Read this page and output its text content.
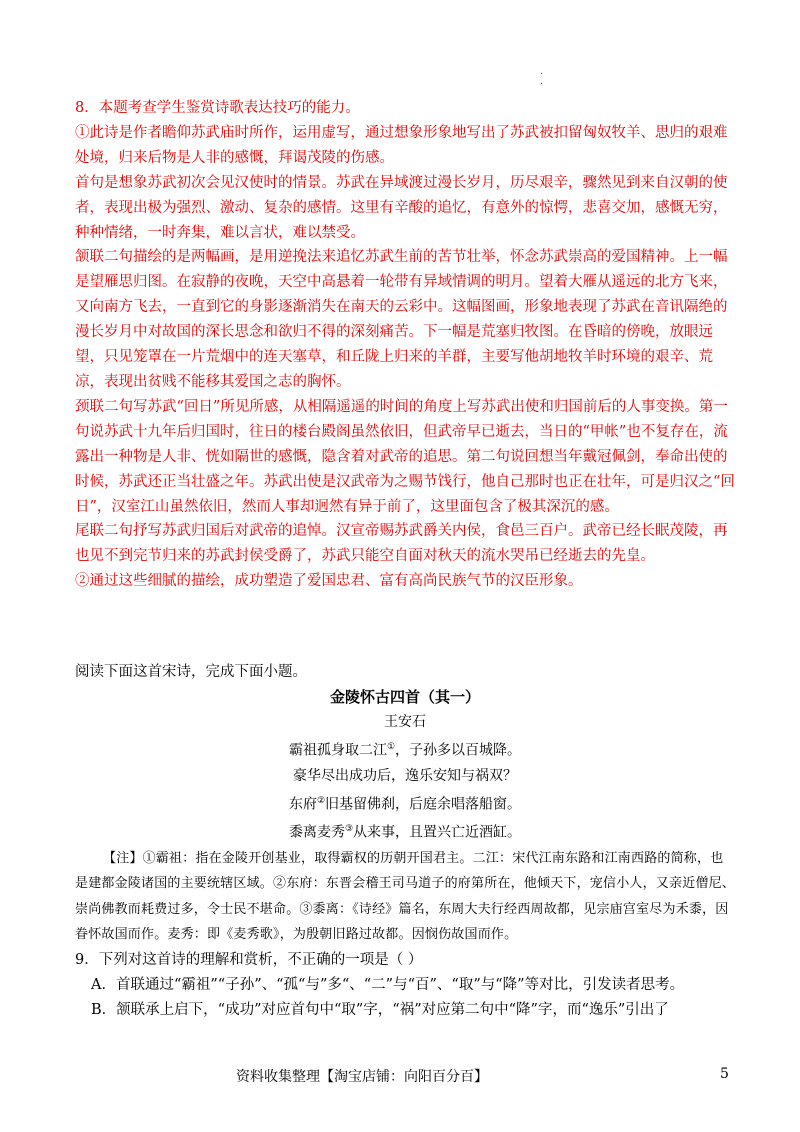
·
·

8．本题考查学生鉴赏诗歌表达技巧的能力。

①此诗是作者瞻仰苏武庙时所作，运用虚写，通过想象形象地写出了苏武被扣留匈奴牧羊、思归的艰难处境，归来后物是人非的感慨，拜谒茂陵的伤感。

首句是想象苏武初次会见汉使时的情景。苏武在异域渡过漫长岁月，历尽艰辛，骤然见到来自汉朝的使者，表现出极为强烈、激动、复杂的感情。这里有辛酸的追忆，有意外的惊愕，悲喜交加，感慨无穷，种种情绪，一时奔集，难以言状，难以禁受。

颔联二句描绘的是两幅画，是用逆挽法来追忆苏武生前的苦节壮举，怀念苏武崇高的爱国精神。上一幅是望雁思归图。在寂静的夜晚，天空中高悬着一轮带有异域情调的明月。望着大雁从遥远的北方飞来，又向南方飞去，一直到它的身影逐渐消失在南天的云彩中。这幅图画，形象地表现了苏武在音讯隔绝的漫长岁月中对故国的深长思念和欲归不得的深刻痛苦。下一幅是荒塞归牧图。在昏暗的傍晚，放眼远望，只见笼罩在一片荒烟中的连天塞草，和丘陇上归来的羊群，主要写他胡地牧羊时环境的艰辛、荒凉，表现出贫贱不能移其爱国之志的胸怀。

颈联二句写苏武“回日”所见所感，从相隔遥遥的时间的角度上写苏武出使和归国前后的人事变换。第一句说苏武十九年后归国时，往日的楼台殿阁虽然依旧，但武帝早已逝去，当日的“甲帐”也不复存在，流露出一种物是人非、恍如隔世的感慨，隐含着对武帝的追思。第二句说回想当年戴冠佩剑，奉命出使的时候，苏武还正当壮盛之年。苏武出使是汉武帝为之赐节饯行，他自己那时也正在壮年，可是归汉之“回日”，汉室江山虽然依旧，然而人事却迥然有异于前了，这里面包含了极其深沉的感。

尾联二句抒写苏武归国后对武帝的追悼。汉宣帝赐苏武爵关内侯，食邑三百户。武帝已经长眠茂陵，再也见不到完节归来的苏武封侯受爵了，苏武只能空自面对秋天的流水哭吊已经逝去的先皇。

②通过这些细腻的描绘，成功塑造了爱国忠君、富有高尚民族气节的汉臣形象。

阅读下面这首宋诗，完成下面小题。

金陵怀古四首（其一）

王安石

霸祖孤身取二江①，子孙多以百城降。

豪华尽出成功后，逸乐安知与祸双？

东府②旧基留佛刹，后庭余唱落船窗。

黍离麦秀③从来事，且置兴亡近酒缸。

【注】①霸祖：指在金陵开创基业，取得霸权的历朝开国君主。二江：宋代江南东路和江南西路的简称，也是建都金陵诸国的主要统辖区域。②东府：东晋会稽王司马道子的府第所在，他倾天下，宠信小人，又亲近僧尼、崇尚佛教而耗费过多，令士民不堪命。③黍离：《诗经》篇名，东周大夫行经西周故都，见宗庙宫室尽为禾黍，因眷怀故国而作。麦秀：即《麦秀歌》，为殷朝旧路过故都。因悯伤故国而作。

9．下列对这首诗的理解和赏析，不正确的一项是（ ）

A．首联通过“霸祖”“子孙”、“孤“与”多“、“二”与“百”、“取”与“降”等对比，引发读者思考。

B．颔联承上启下，“成功”对应首句中“取”字，“祸”对应第二句中“降”字，而“逸乐”引出了

资料收集整理【淘宝店铺：向阳百分百】	5
